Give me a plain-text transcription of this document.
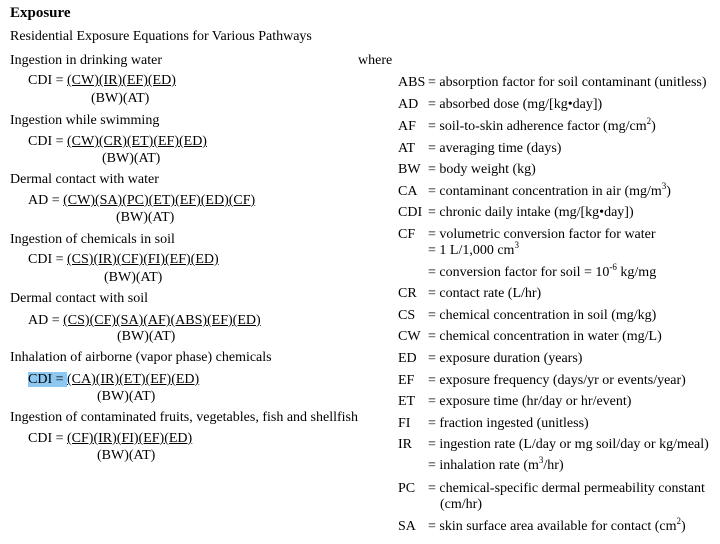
Exposure
Residential Exposure Equations for Various Pathways
Ingestion in drinking water
CDI = (CW)(IR)(EF)(ED)
(BW)(AT)
Ingestion while swimming
CDI = (CW)(CR)(ET)(EF)(ED)
(BW)(AT)
Dermal contact with water
AD = (CW)(SA)(PC)(ET)(EF)(ED)(CF)
(BW)(AT)
Ingestion of chemicals in soil
CDI = (CS)(IR)(CF)(FI)(EF)(ED)
(BW)(AT)
Dermal contact with soil
AD = (CS)(CF)(SA)(AF)(ABS)(EF)(ED)
(BW)(AT)
Inhalation of airborne (vapor phase) chemicals
CDI = (CA)(IR)(ET)(EF)(ED)
(BW)(AT)
Ingestion of contaminated fruits, vegetables, fish and shellfish
CDI = (CF)(IR)(FI)(EF)(ED)
(BW)(AT)
where
ABS = absorption factor for soil contaminant (unitless)
AD = absorbed dose (mg/[kg•day])
AF = soil-to-skin adherence factor $(mg/cm^2)$
AT = averaging time (days)
BW = body weight (kg)
CA = contaminant concentration in air $(mg/m^3)$
CDI = chronic daily intake (mg/[kg•day])
CF = volumetric conversion factor for water
= 1 L/1,000 $cm^3$
= conversion factor for soil = $10^{-6}$ kg/mg
CR = contact rate (L/hr)
CS = chemical concentration in soil (mg/kg)
CW = chemical concentration in water (mg/L)
ED = exposure duration (years)
EF = exposure frequency (days/yr or events/year)
ET = exposure time (hr/day or hr/event)
FI = fraction ingested (unitless)
IR = ingestion rate (L/day or mg soil/day or kg/meal)
= inhalation rate $(m^3/hr)$
PC = chemical-specific dermal permeability constant
(cm/hr)
SA = skin surface area available for contact $(cm^2)$
